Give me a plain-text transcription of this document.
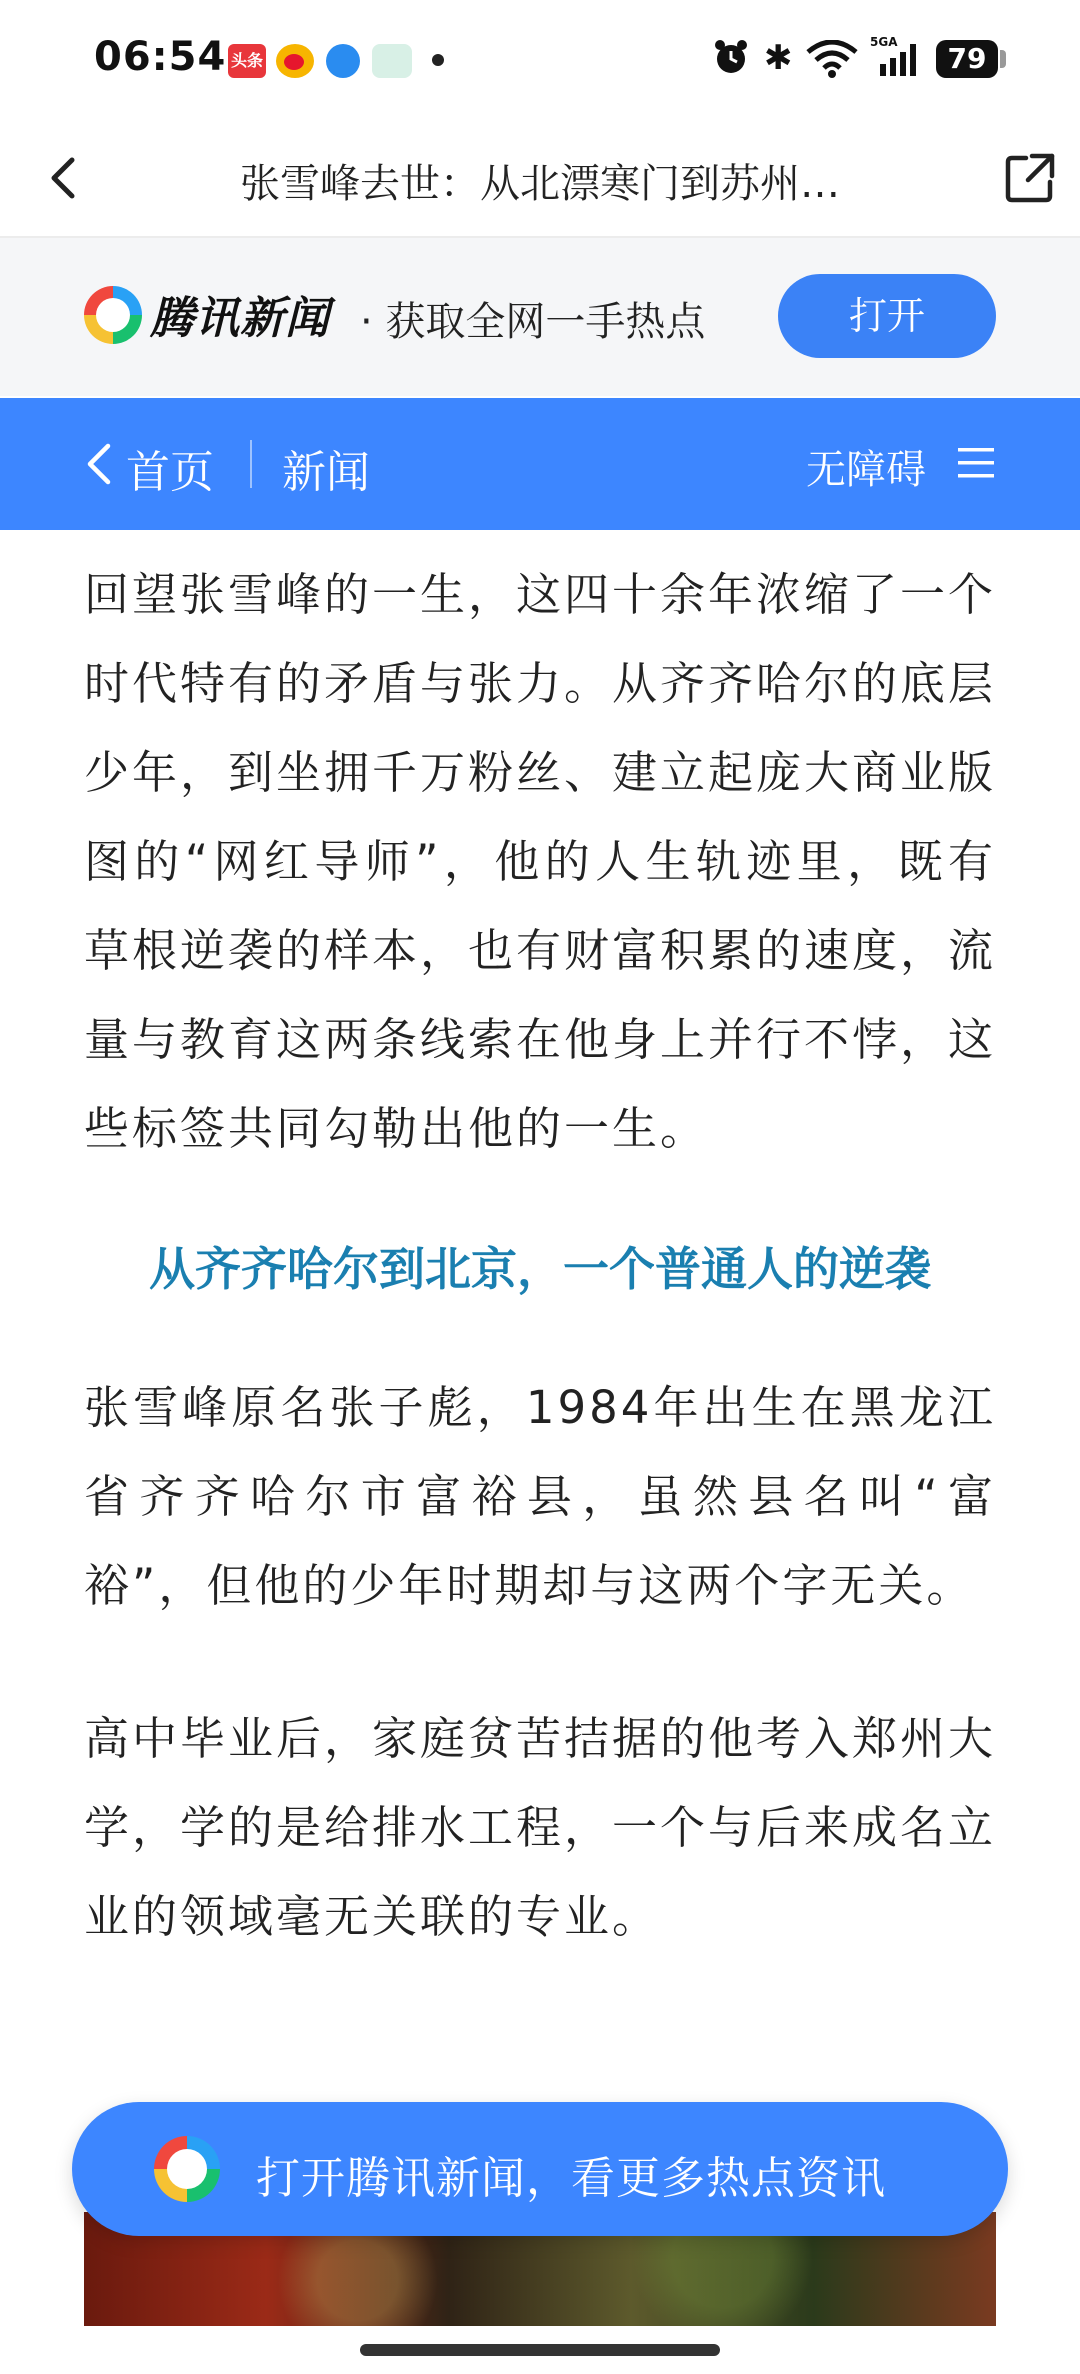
06:54 头条	✱	5GA	79
张雪峰去世：从北漂寒门到苏州…
腾讯新闻 · 获取全网一手热点	打开
首页 新闻	无障碍

回望张雪峰的一生，这四十余年浓缩了一个时代特有的矛盾与张力。从齐齐哈尔的底层少年，到坐拥千万粉丝、建立起庞大商业版图的“网红导师”，他的人生轨迹里，既有草根逆袭的样本，也有财富积累的速度，流量与教育这两条线索在他身上并行不悖，这些标签共同勾勒出他的一生。

从齐齐哈尔到北京，一个普通人的逆袭

张雪峰原名张子彪，1984年出生在黑龙江省齐齐哈尔市富裕县，虽然县名叫“富裕”，但他的少年时期却与这两个字无关。

高中毕业后，家庭贫苦拮据的他考入郑州大学，学的是给排水工程，一个与后来成名立业的领域毫无关联的专业。

打开腾讯新闻，看更多热点资讯
